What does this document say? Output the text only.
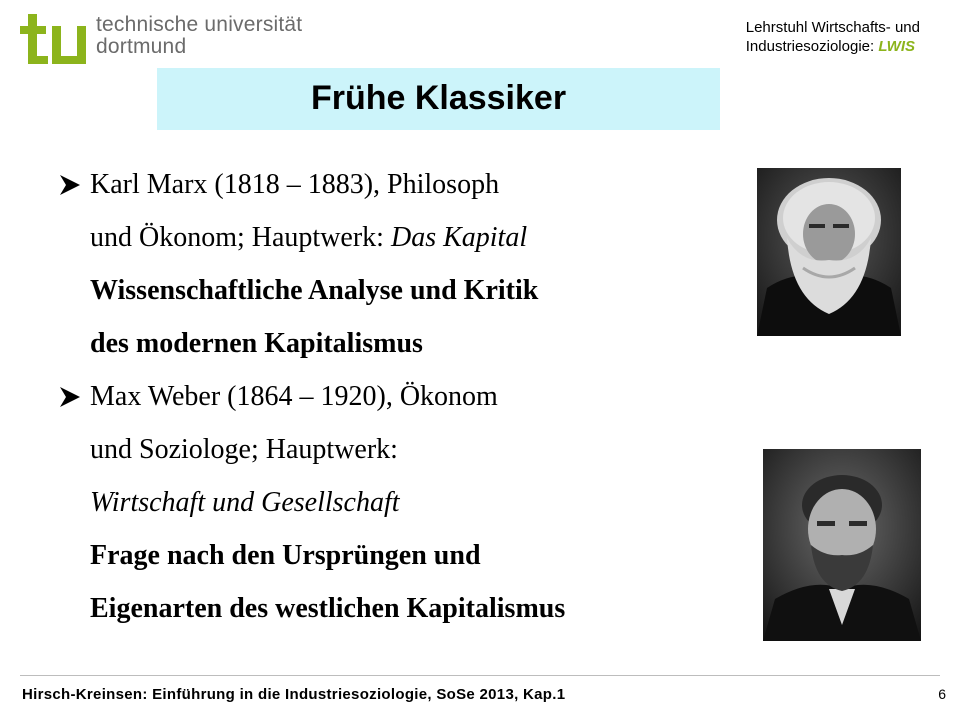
technische universität
dortmund
Lehrstuhl Wirtschafts- und
Industriesoziologie: LWIS
Frühe Klassiker
Karl Marx (1818 – 1883), Philosoph
und Ökonom; Hauptwerk: Das Kapital
Wissenschaftliche Analyse und Kritik
des modernen Kapitalismus
Max Weber (1864 – 1920), Ökonom
und Soziologe; Hauptwerk:
Wirtschaft und Gesellschaft
Frage nach den Ursprüngen und
Eigenarten des westlichen Kapitalismus
Hirsch-Kreinsen: Einführung in die Industriesoziologie, SoSe 2013, Kap.1	6
